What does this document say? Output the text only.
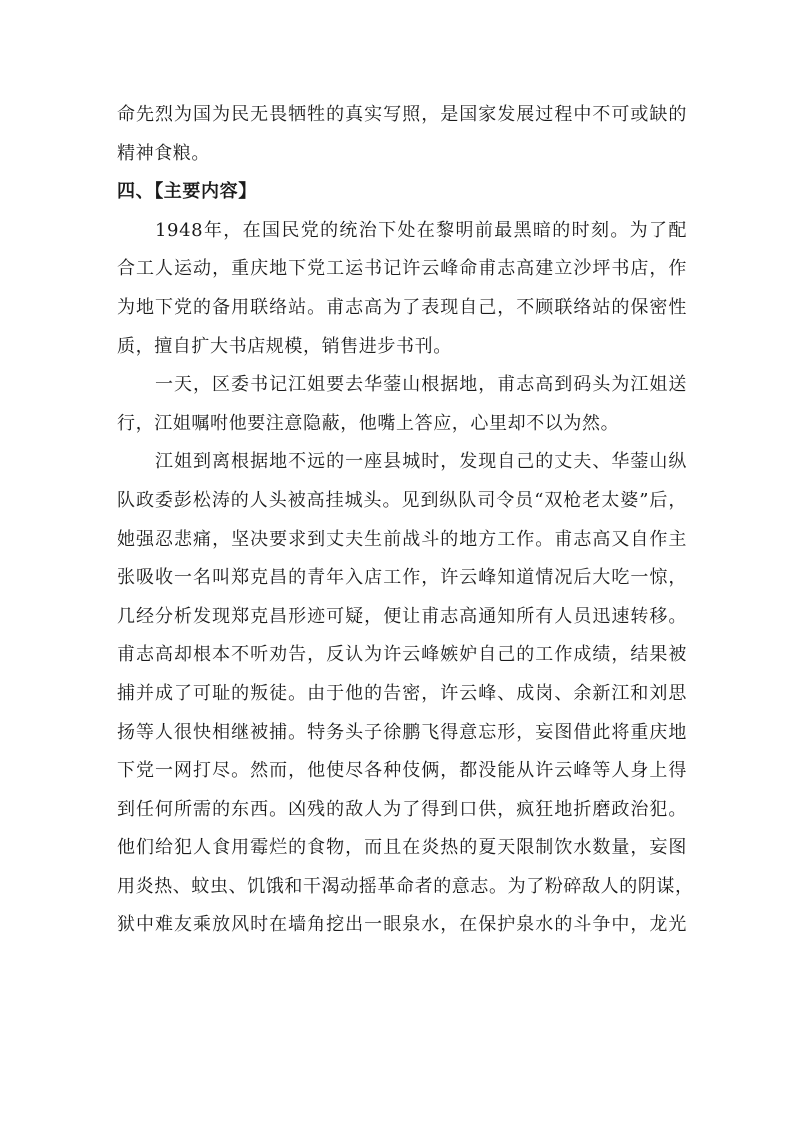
命先烈为国为民无畏牺牲的真实写照，是国家发展过程中不可或缺的
精神食粮。
四、【主要内容】
1948年，在国民党的统治下处在黎明前最黑暗的时刻。为了配
合工人运动，重庆地下党工运书记许云峰命甫志高建立沙坪书店，作
为地下党的备用联络站。甫志高为了表现自己，不顾联络站的保密性
质，擅自扩大书店规模，销售进步书刊。
一天，区委书记江姐要去华蓥山根据地，甫志高到码头为江姐送
行，江姐嘱咐他要注意隐蔽，他嘴上答应，心里却不以为然。
江姐到离根据地不远的一座县城时，发现自己的丈夫、华蓥山纵
队政委彭松涛的人头被高挂城头。见到纵队司令员“双枪老太婆”后，
她强忍悲痛，坚决要求到丈夫生前战斗的地方工作。甫志高又自作主
张吸收一名叫郑克昌的青年入店工作，许云峰知道情况后大吃一惊，
几经分析发现郑克昌形迹可疑，便让甫志高通知所有人员迅速转移。
甫志高却根本不听劝告，反认为许云峰嫉妒自己的工作成绩，结果被
捕并成了可耻的叛徒。由于他的告密，许云峰、成岗、余新江和刘思
扬等人很快相继被捕。特务头子徐鹏飞得意忘形，妄图借此将重庆地
下党一网打尽。然而，他使尽各种伎俩，都没能从许云峰等人身上得
到任何所需的东西。凶残的敌人为了得到口供，疯狂地折磨政治犯。
他们给犯人食用霉烂的食物，而且在炎热的夏天限制饮水数量，妄图
用炎热、蚊虫、饥饿和干渴动摇革命者的意志。为了粉碎敌人的阴谋，
狱中难友乘放风时在墙角挖出一眼泉水，在保护泉水的斗争中，龙光
